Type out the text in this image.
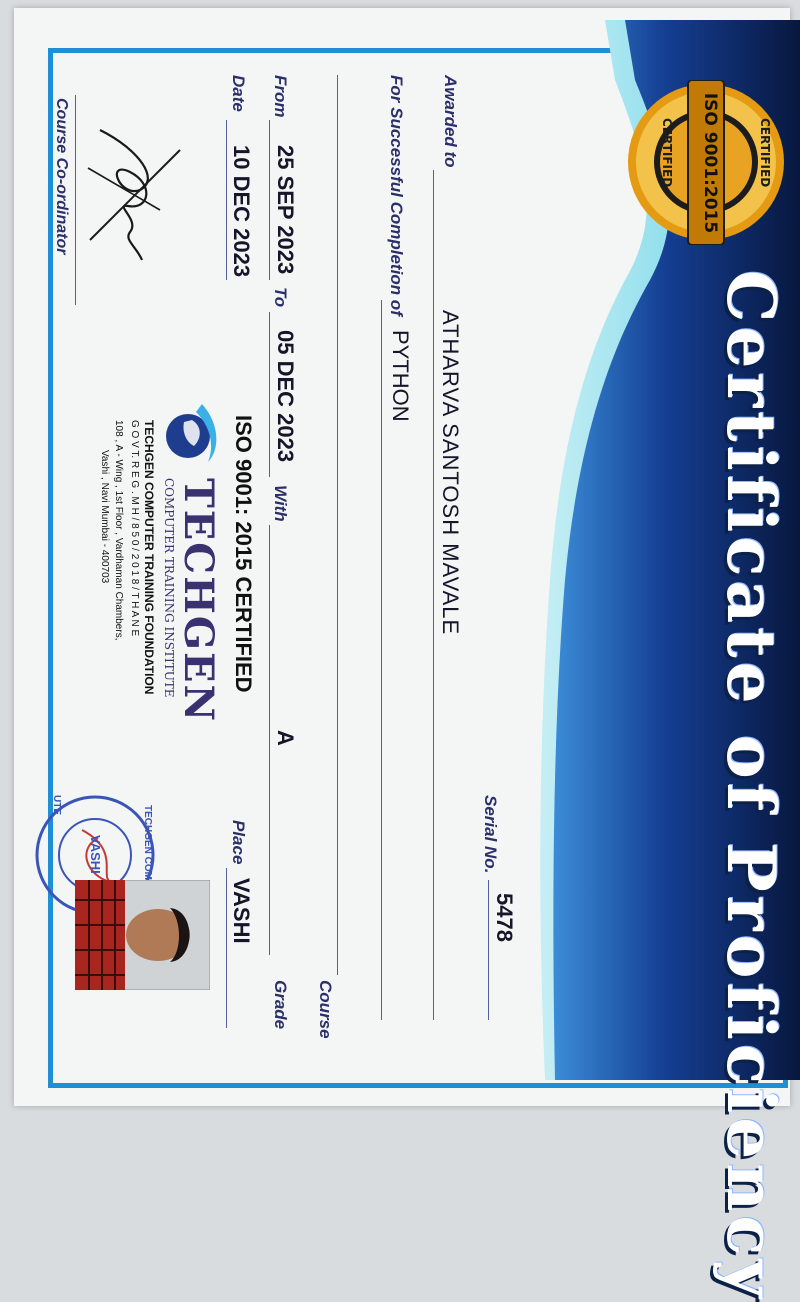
CERTIFIED
ISO 9001:2015
CERTIFIED
Certificate of Proficiency
Serial No.
5478
Awarded to
ATHARVA SANTOSH MAVALE
For Successful Completion of
PYTHON
Course
From
25 SEP 2023
To
05 DEC 2023
With
A
Grade
Date
10 DEC 2023
ISO 9001: 2015 CERTIFIED
Place
VASHI
TECHGEN
COMPUTER TRAINING INSTITUTE
TECHGEN COMPUTER TRAINING FOUNDATION
G O V T. R E G . M H / 8 5 0 / 2 0 1 8 / T H A N E
108 , A - Wing , 1st Floor , Vardhaman Chambers,
Vashi , Navi Mumbai - 400703
Course Co-ordinator
VASHI
UTE
